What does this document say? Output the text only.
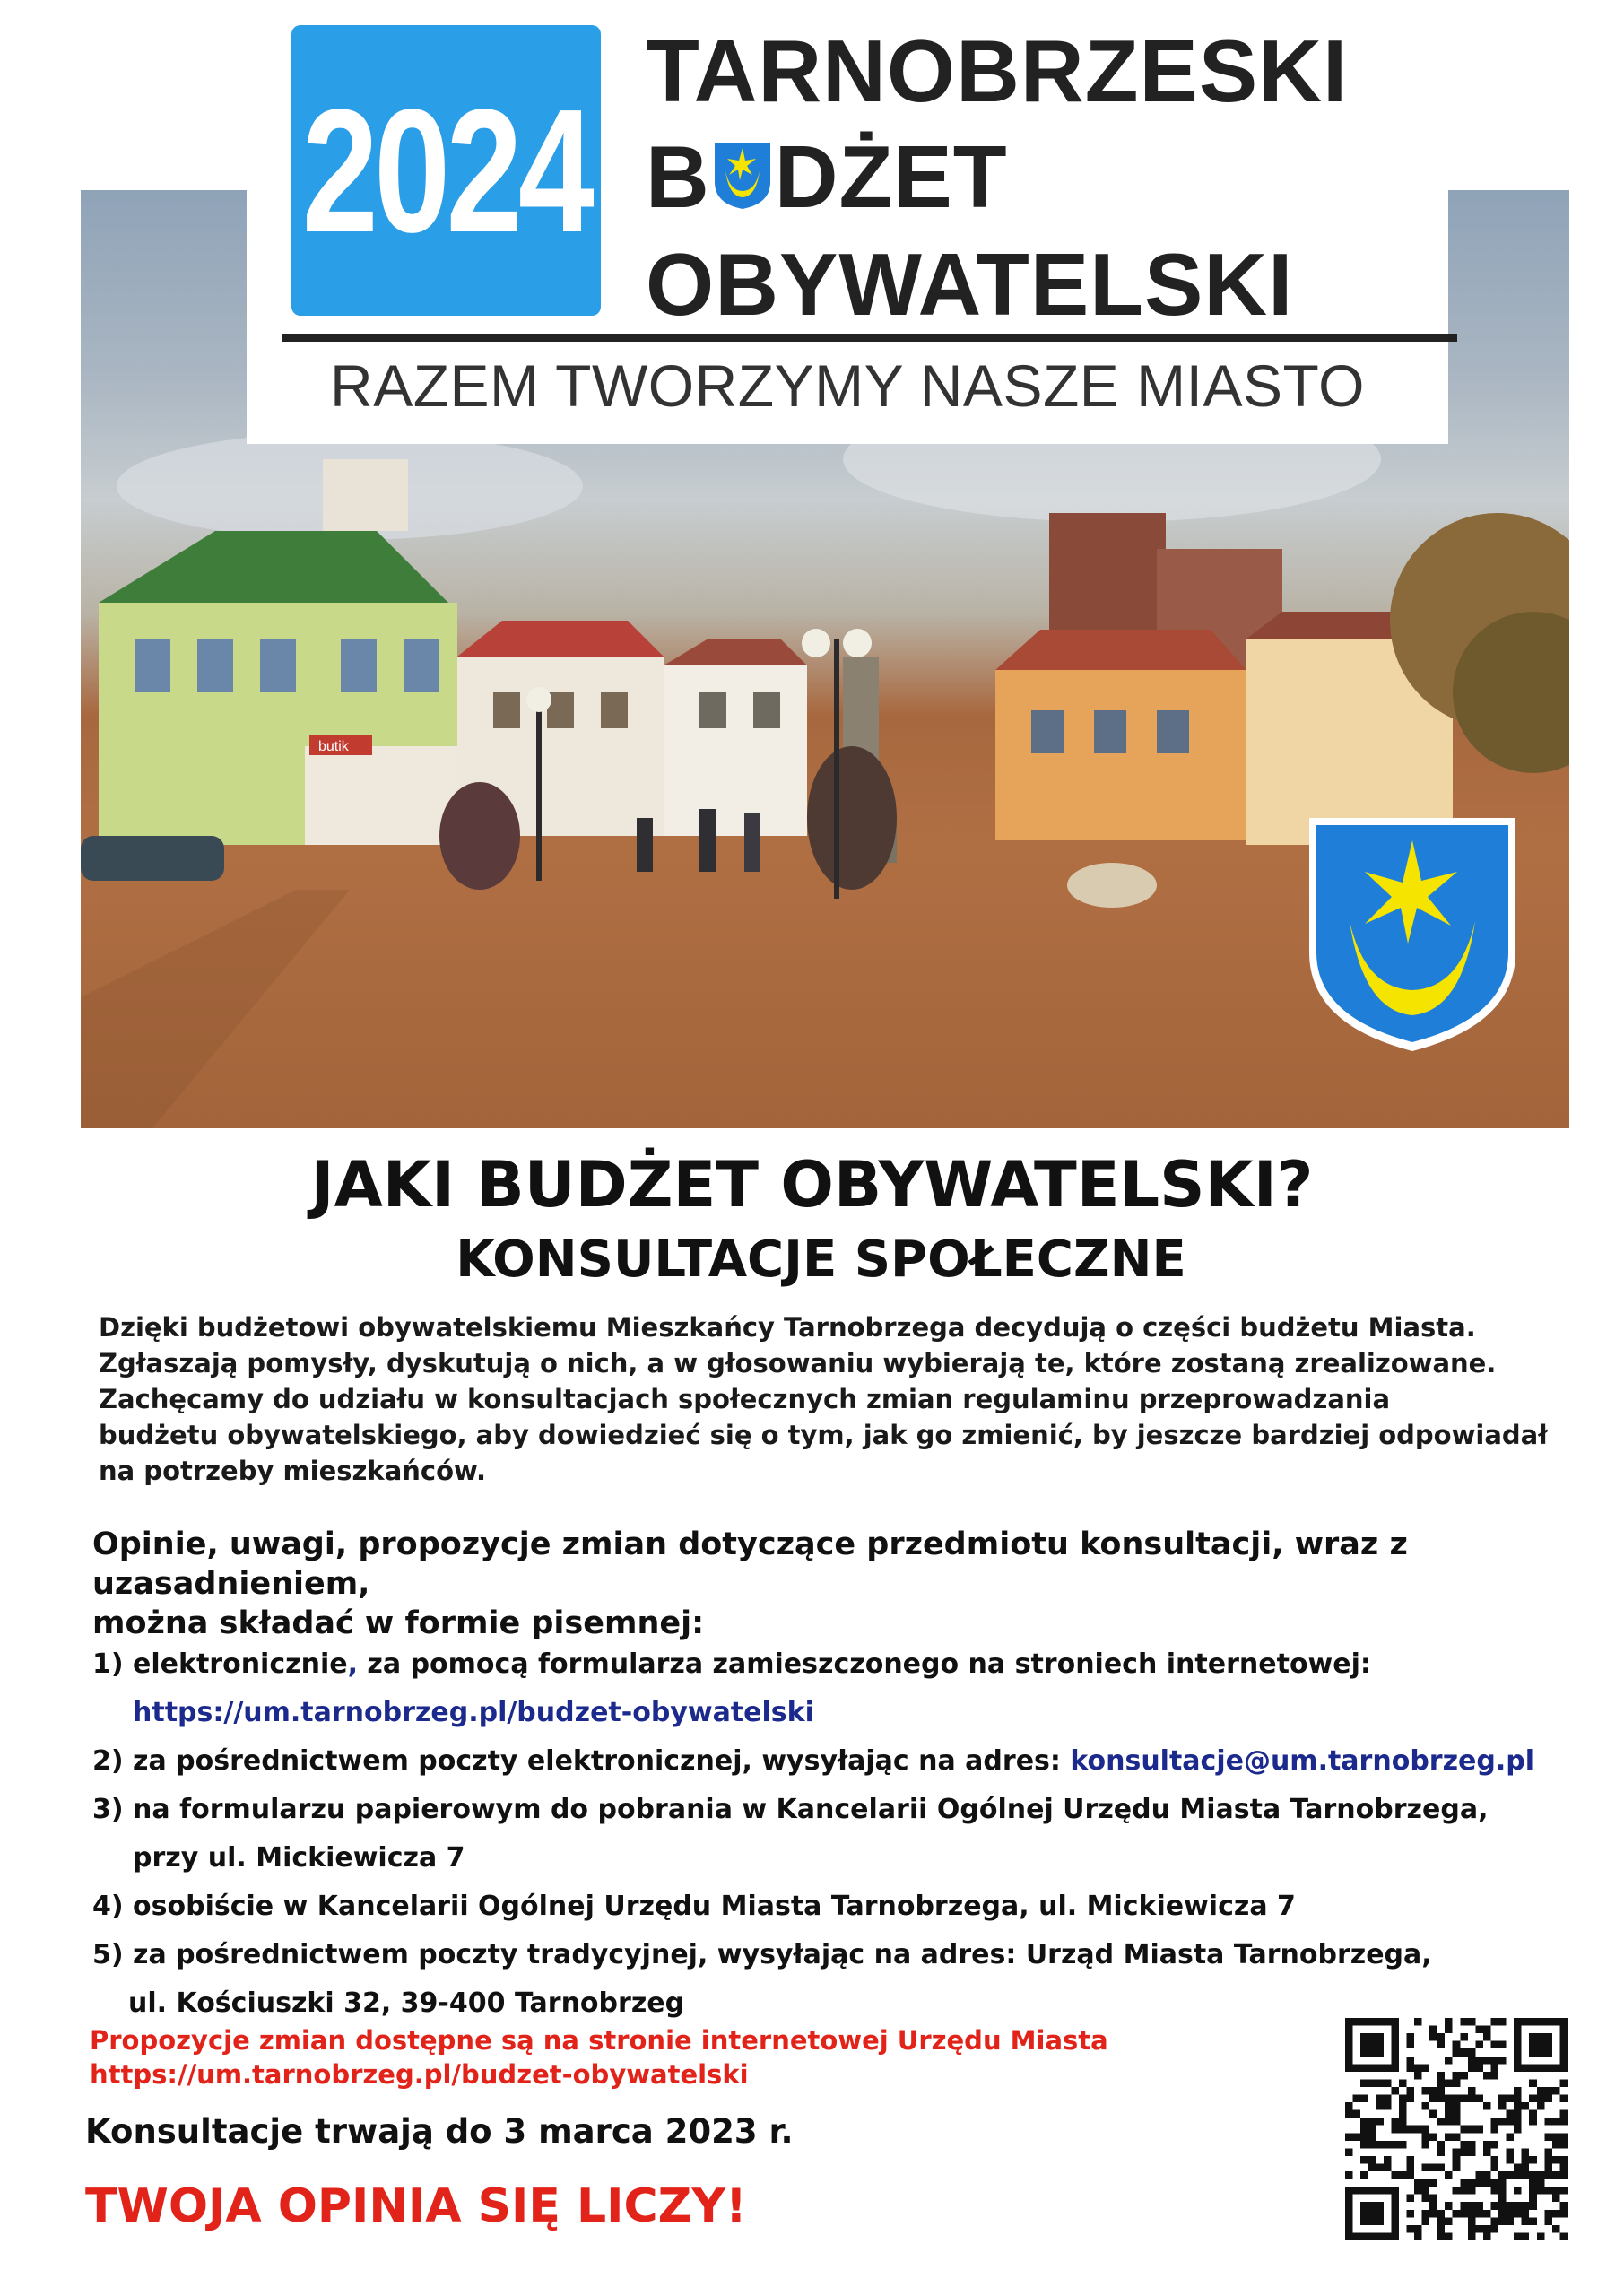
butik
2024
TARNOBRZESKI
B DŻET
OBYWATELSKI
RAZEM TWORZYMY NASZE MIASTO
JAKI BUDŻET OBYWATELSKI?
KONSULTACJE SPOŁECZNE

Dzięki budżetowi obywatelskiemu Mieszkańcy Tarnobrzega decydują o części budżetu Miasta.

Zgłaszają pomysły, dyskutują o nich, a w głosowaniu wybierają te, które zostaną zrealizowane.

Zachęcamy do udziału w konsultacjach społecznych zmian regulaminu przeprowadzania

budżetu obywatelskiego, aby dowiedzieć się o tym, jak go zmienić, by jeszcze bardziej odpowiadał

na potrzeby mieszkańców.

Opinie, uwagi, propozycje zmian dotyczące przedmiotu konsultacji, wraz z uzasadnieniem,

można składać w formie pisemnej:

1) elektronicznie, za pomocą formularza zamieszczonego na stroniech internetowej:
https://um.tarnobrzeg.pl/budzet-obywatelski
2) za pośrednictwem poczty elektronicznej, wysyłając na adres: konsultacje@um.tarnobrzeg.pl
3) na formularzu papierowym do pobrania w Kancelarii Ogólnej Urzędu Miasta Tarnobrzega,
przy ul. Mickiewicza 7
4) osobiście w Kancelarii Ogólnej Urzędu Miasta Tarnobrzega, ul. Mickiewicza 7
5) za pośrednictwem poczty tradycyjnej, wysyłając na adres: Urząd Miasta Tarnobrzega,
ul. Kościuszki 32, 39-400 Tarnobrzeg

Propozycje zmian dostępne są na stronie internetowej Urzędu Miasta

https://um.tarnobrzeg.pl/budzet-obywatelski

Konsultacje trwają do 3 marca 2023 r.
TWOJA OPINIA SIĘ LICZY!
